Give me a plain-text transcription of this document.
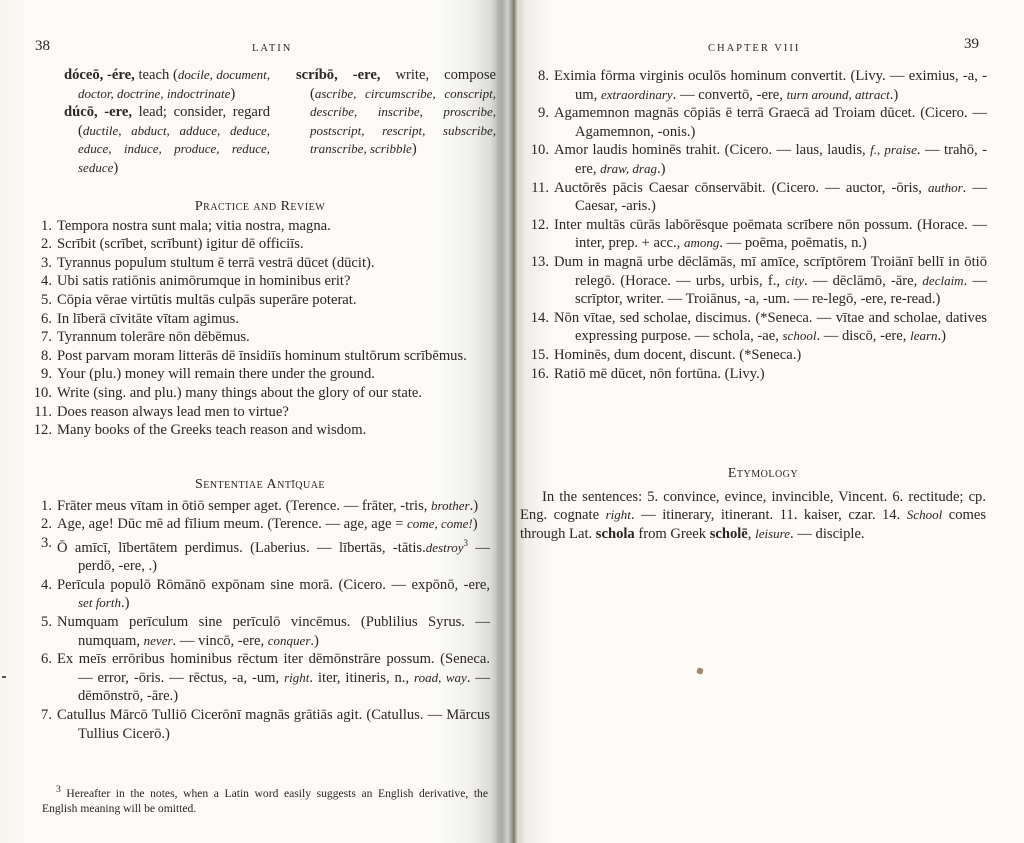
38	LATIN
dóceō, -ére, teach (docile, document, doctor, doctrine, indoctrinate)
dúcō, -ere, lead; consider, regard (ductile, abduct, adduce, deduce, educe, induce, produce, reduce, seduce)
scríbō, -ere, write, compose (ascribe, circumscribe, conscript, describe, inscribe, proscribe, postscript, rescript, subscribe, transcribe, scribble)
Practice and Review
1. Tempora nostra sunt mala; vitia nostra, magna.
2. Scrībit (scrībet, scrībunt) igitur dē officiīs.
3. Tyrannus populum stultum ē terrā vestrā dūcet (dūcit).
4. Ubi satis ratiōnis animōrumque in hominibus erit?
5. Cōpia vērae virtūtis multās culpās superāre poterat.
6. In līberā cīvitāte vītam agimus.
7. Tyrannum tolerāre nōn dēbēmus.
8. Post parvam moram litterās dē īnsidiīs hominum stultōrum scrībēmus.
9. Your (plu.) money will remain there under the ground.
10. Write (sing. and plu.) many things about the glory of our state.
11. Does reason always lead men to virtue?
12. Many books of the Greeks teach reason and wisdom.
Sententiae Antīquae
1. Frāter meus vītam in ōtiō semper aget. (Terence. — frāter, -tris, brother.)
2. Age, age! Dūc mē ad fīlium meum. (Terence. — age, age = come, come!)
3. Ō amīcī, lībertātem perdimus. (Laberius. — lībertās, -tātis.destroy$^3$ — perdō, -ere, .)
4. Perīcula populō Rōmānō expōnam sine morā. (Cicero. — expōnō, -ere, set forth.)
5. Numquam perīculum sine perīculō vincēmus. (Publilius Syrus. — numquam, never. — vincō, -ere, conquer.)
6. Ex meīs errōribus hominibus rēctum iter dēmōnstrāre possum. (Seneca. — error, -ōris. — rēctus, -a, -um, right. iter, itineris, n., road, way. — dēmōnstrō, -āre.)
7. Catullus Mārcō Tulliō Cicerōnī magnās grātiās agit. (Catullus. — Mārcus Tullius Cicerō.)
$^3$ Hereafter in the notes, when a Latin word easily suggests an English derivative, the English meaning will be omitted.
CHAPTER VIII	39
8. Eximia fōrma virginis oculōs hominum convertit. (Livy. — eximius, -a, -um, extraordinary. — convertō, -ere, turn around, attract.)
9. Agamemnon magnās cōpiās ē terrā Graecā ad Troiam dūcet. (Cicero. — Agamemnon, -onis.)
10. Amor laudis hominēs trahit. (Cicero. — laus, laudis, f., praise. — trahō, -ere, draw, drag.)
11. Auctōrēs pācis Caesar cōnservābit. (Cicero. — auctor, -ōris, author. — Caesar, -aris.)
12. Inter multās cūrās labōrēsque poēmata scrībere nōn possum. (Horace. — inter, prep. + acc., among. — poēma, poēmatis, n.)
13. Dum in magnā urbe dēclāmās, mī amīce, scrīptōrem Troiānī bellī in ōtiō relegō. (Horace. — urbs, urbis, f., city. — dēclāmō, -āre, declaim. — scrīptor, writer. — Troiānus, -a, -um. — re-legō, -ere, re-read.)
14. Nōn vītae, sed scholae, discimus. (*Seneca. — vītae and scholae, datives expressing purpose. — schola, -ae, school. — discō, -ere, learn.)
15. Hominēs, dum docent, discunt. (*Seneca.)
16. Ratiō mē dūcet, nōn fortūna. (Livy.)
Etymology
In the sentences: 5. convince, evince, invincible, Vincent. 6. rectitude; cp. Eng. cognate right. — itinerary, itinerant. 11. kaiser, czar. 14. School comes through Lat. schola from Greek scholē, leisure. — disciple.
